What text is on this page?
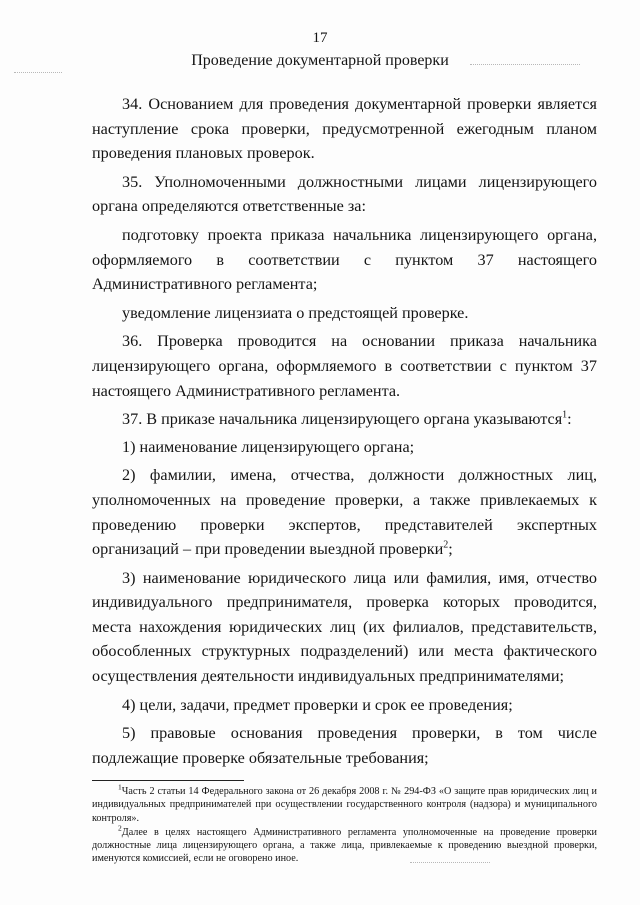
17
Проведение документарной проверки

34. Основанием для проведения документарной проверки является наступление срока проверки, предусмотренной ежегодным планом проведения плановых проверок.

35. Уполномоченными должностными лицами лицензирующего органа определяются ответственные за:

подготовку проекта приказа начальника лицензирующего органа, оформляемого в соответствии с пунктом 37 настоящего Административного регламента;

уведомление лицензиата о предстоящей проверке.

36. Проверка проводится на основании приказа начальника лицензирующего органа, оформляемого в соответствии с пунктом 37 настоящего Административного регламента.

37. В приказе начальника лицензирующего органа указываются$^1$:

1) наименование лицензирующего органа;

2) фамилии, имена, отчества, должности должностных лиц, уполномоченных на проведение проверки, а также привлекаемых к проведению проверки экспертов, представителей экспертных организаций – при проведении выездной проверки$^2$;

3) наименование юридического лица или фамилия, имя, отчество индивидуального предпринимателя, проверка которых проводится, места нахождения юридических лиц (их филиалов, представительств, обособленных структурных подразделений) или места фактического осуществления деятельности индивидуальных предпринимателями;

4) цели, задачи, предмет проверки и срок ее проведения;

5) правовые основания проведения проверки, в том числе подлежащие проверке обязательные требования;

$^1$Часть 2 статьи 14 Федерального закона от 26 декабря 2008 г. № 294-ФЗ «О защите прав юридических лиц и индивидуальных предпринимателей при осуществлении государственного контроля (надзора) и муниципального контроля».

$^2$Далее в целях настоящего Административного регламента уполномоченные на проведение проверки должностные лица лицензирующего органа, а также лица, привлекаемые к проведению выездной проверки, именуются комиссией, если не оговорено иное.
